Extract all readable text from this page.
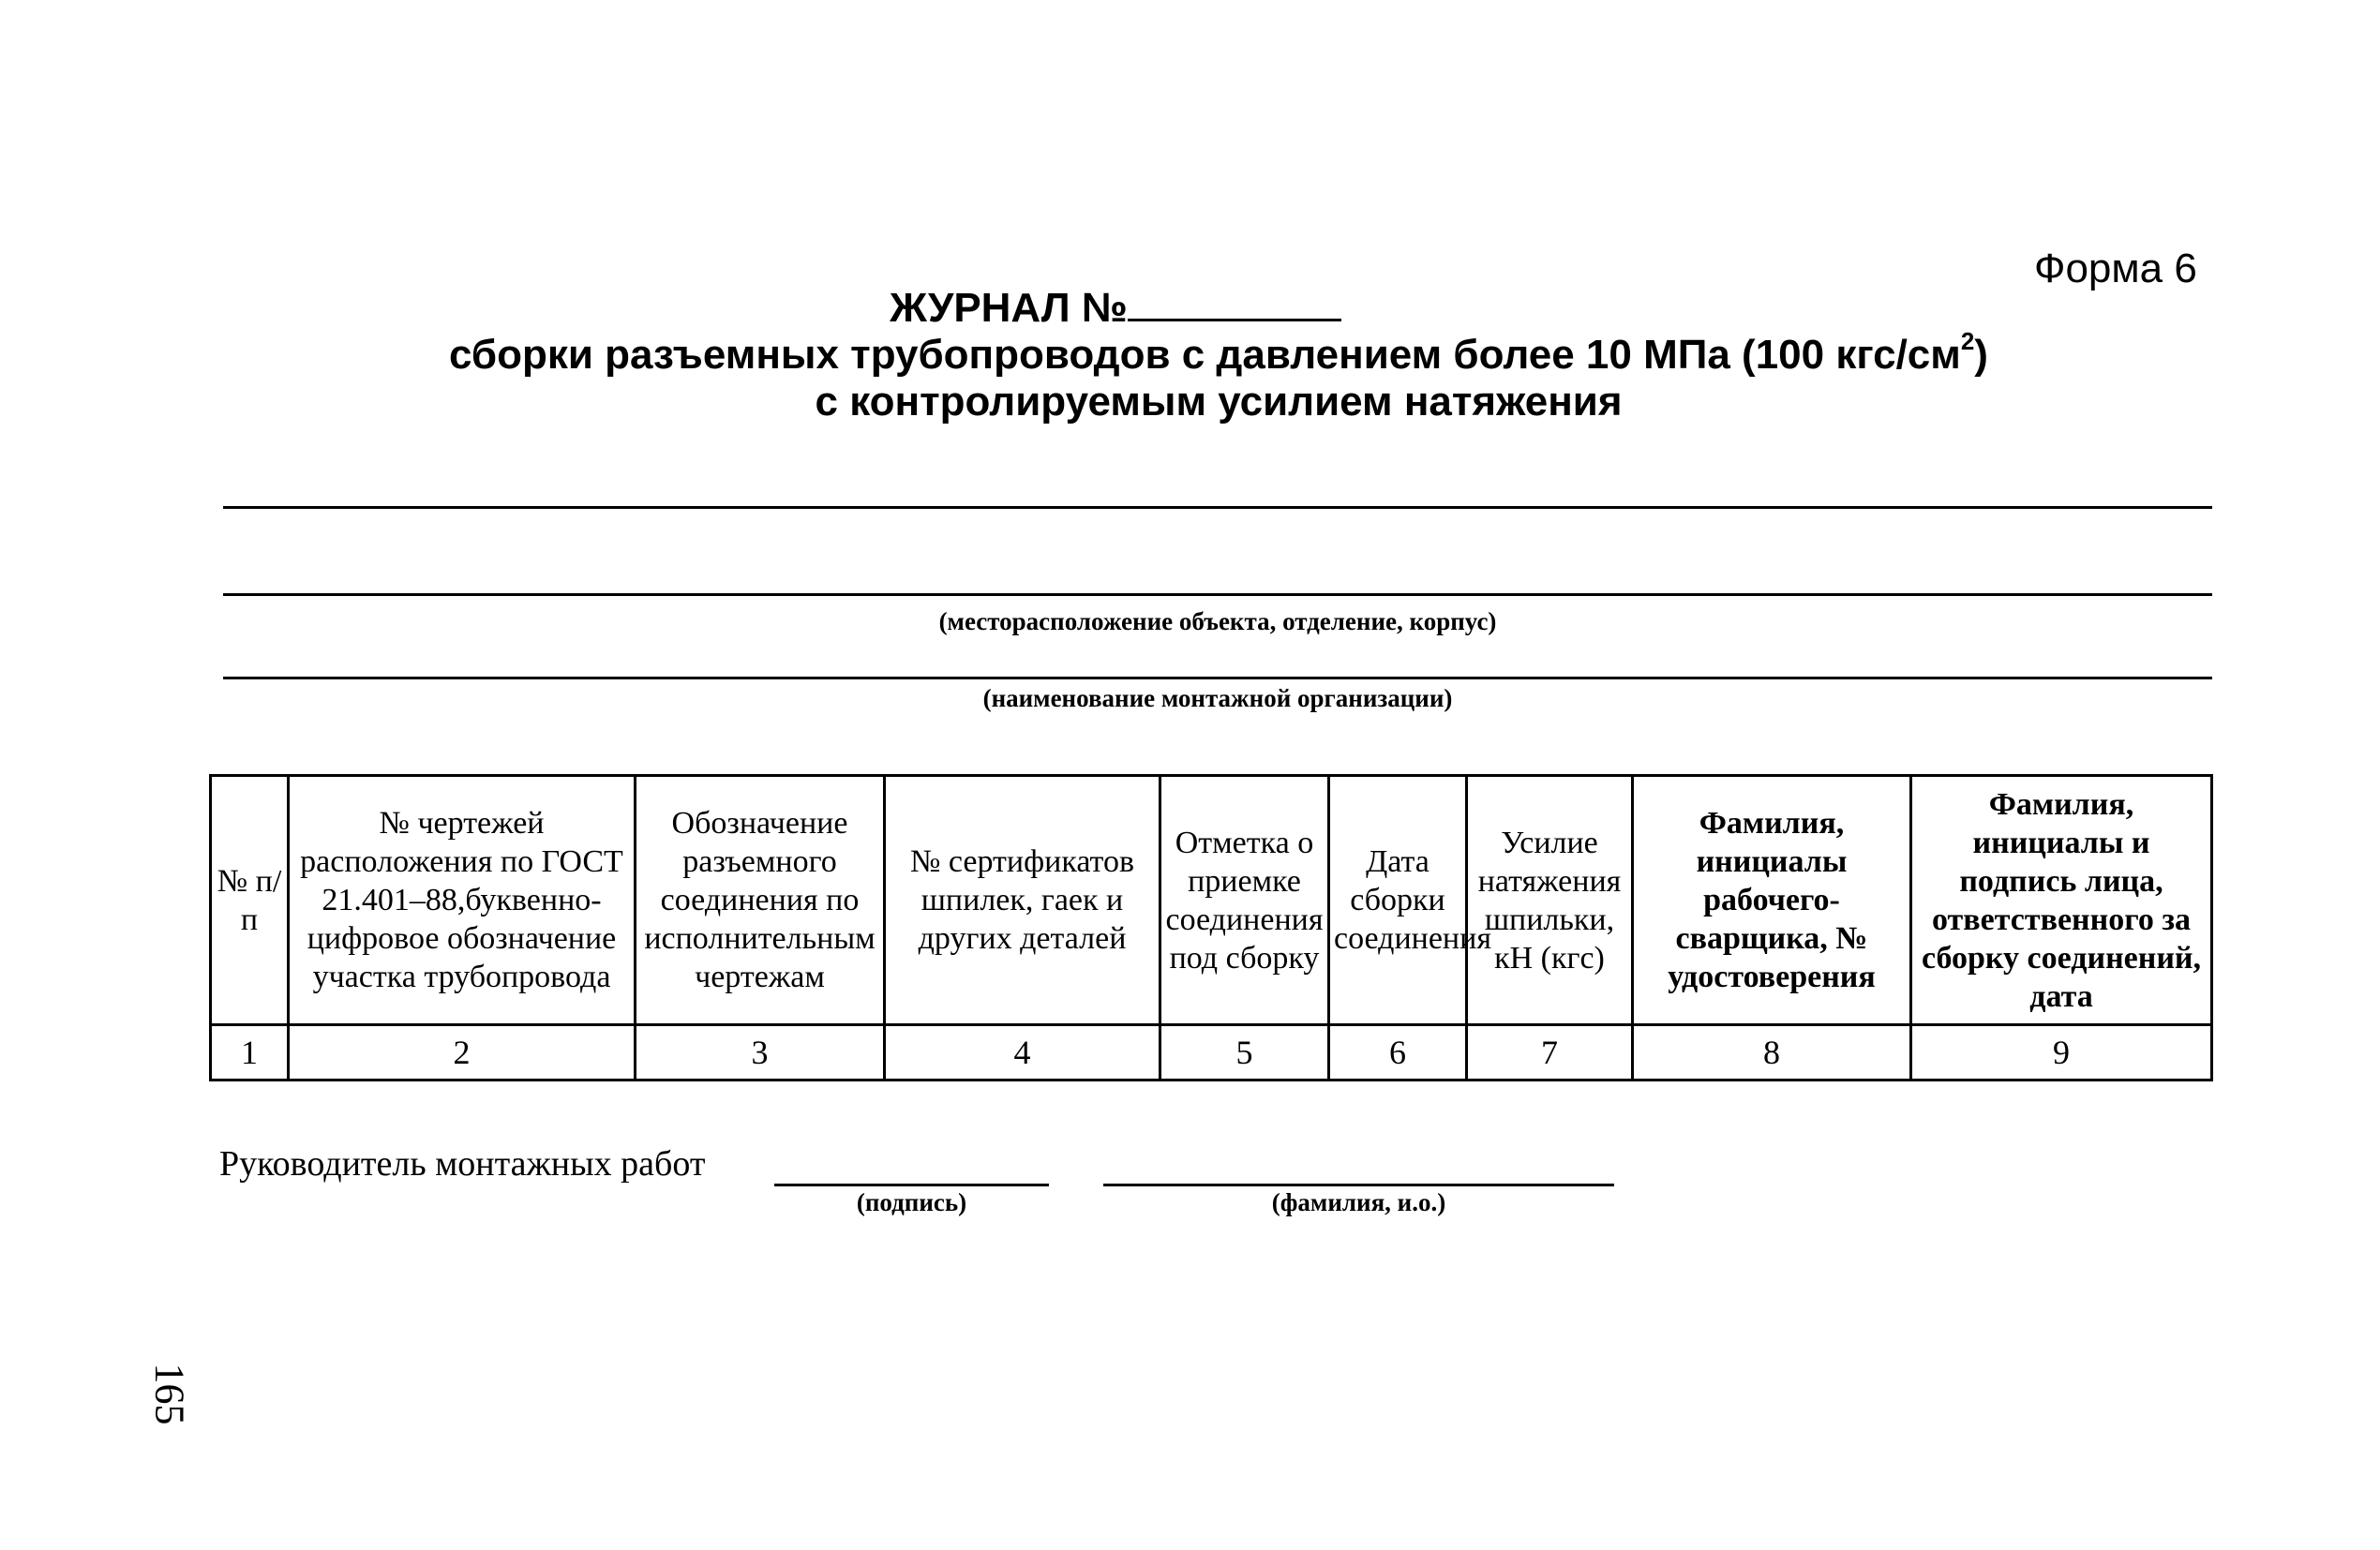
Форма 6
ЖУРНАЛ №
сборки разъемных трубопроводов с давлением более 10 МПа (100 кгс/$см^2$)
с контролируемым усилием натяжения
(месторасположение объекта, отделение, корпус)
(наименование монтажной организации)
№ п/п	№ чертежей расположения по ГОСТ 21.401–88,буквенно-цифровое обозначение участка трубопровода	Обозначение разъемного соединения по исполнительным чертежам	№ сертификатов шпилек, гаек и других деталей	Отметка о приемке соединения под сборку	Дата сборки соединения	Усилие натяжения шпильки, кН (кгс)	Фамилия, инициалы рабочего-сварщика, № удостоверения	Фамилия, инициалы и подпись лица, ответственного за сборку соединений, дата
1	2	3	4	5	6	7	8	9
Руководитель монтажных работ
(подпись)	(фамилия, и.о.)
165
